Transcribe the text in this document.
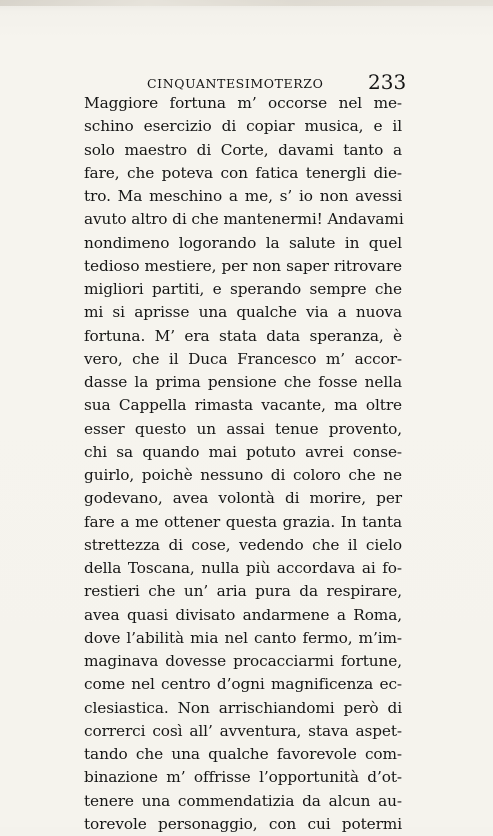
CINQUANTESIMOTERZO 233
Maggiore fortuna m’ occorse nel me-
schino esercizio di copiar musica, e il
solo maestro di Corte, davami tanto a
fare, che poteva con fatica tenergli die-
tro. Ma meschino a me, s’ io non avessi
avuto altro di che mantenermi! Andavami
nondimeno logorando la salute in quel
tedioso mestiere, per non saper ritrovare
migliori partiti, e sperando sempre che
mi si aprisse una qualche via a nuova
fortuna. M’ era stata data speranza, è
vero, che il Duca Francesco m’ accor-
dasse la prima pensione che fosse nella
sua Cappella rimasta vacante, ma oltre
esser questo un assai tenue provento,
chi sa quando mai potuto avrei conse-
guirlo, poichè nessuno di coloro che ne
godevano, avea volontà di morire, per
fare a me ottener questa grazia. In tanta
strettezza di cose, vedendo che il cielo
della Toscana, nulla più accordava ai fo-
restieri che un’ aria pura da respirare,
avea quasi divisato andarmene a Roma,
dove l’abilità mia nel canto fermo, m’im-
maginava dovesse procacciarmi fortune,
come nel centro d’ogni magnificenza ec-
clesiastica. Non arrischiandomi però di
correrci così all’ avventura, stava aspet-
tando che una qualche favorevole com-
binazione m’ offrisse l’opportunità d’ot-
tenere una commendatizia da alcun au-
torevole personaggio, con cui potermi
